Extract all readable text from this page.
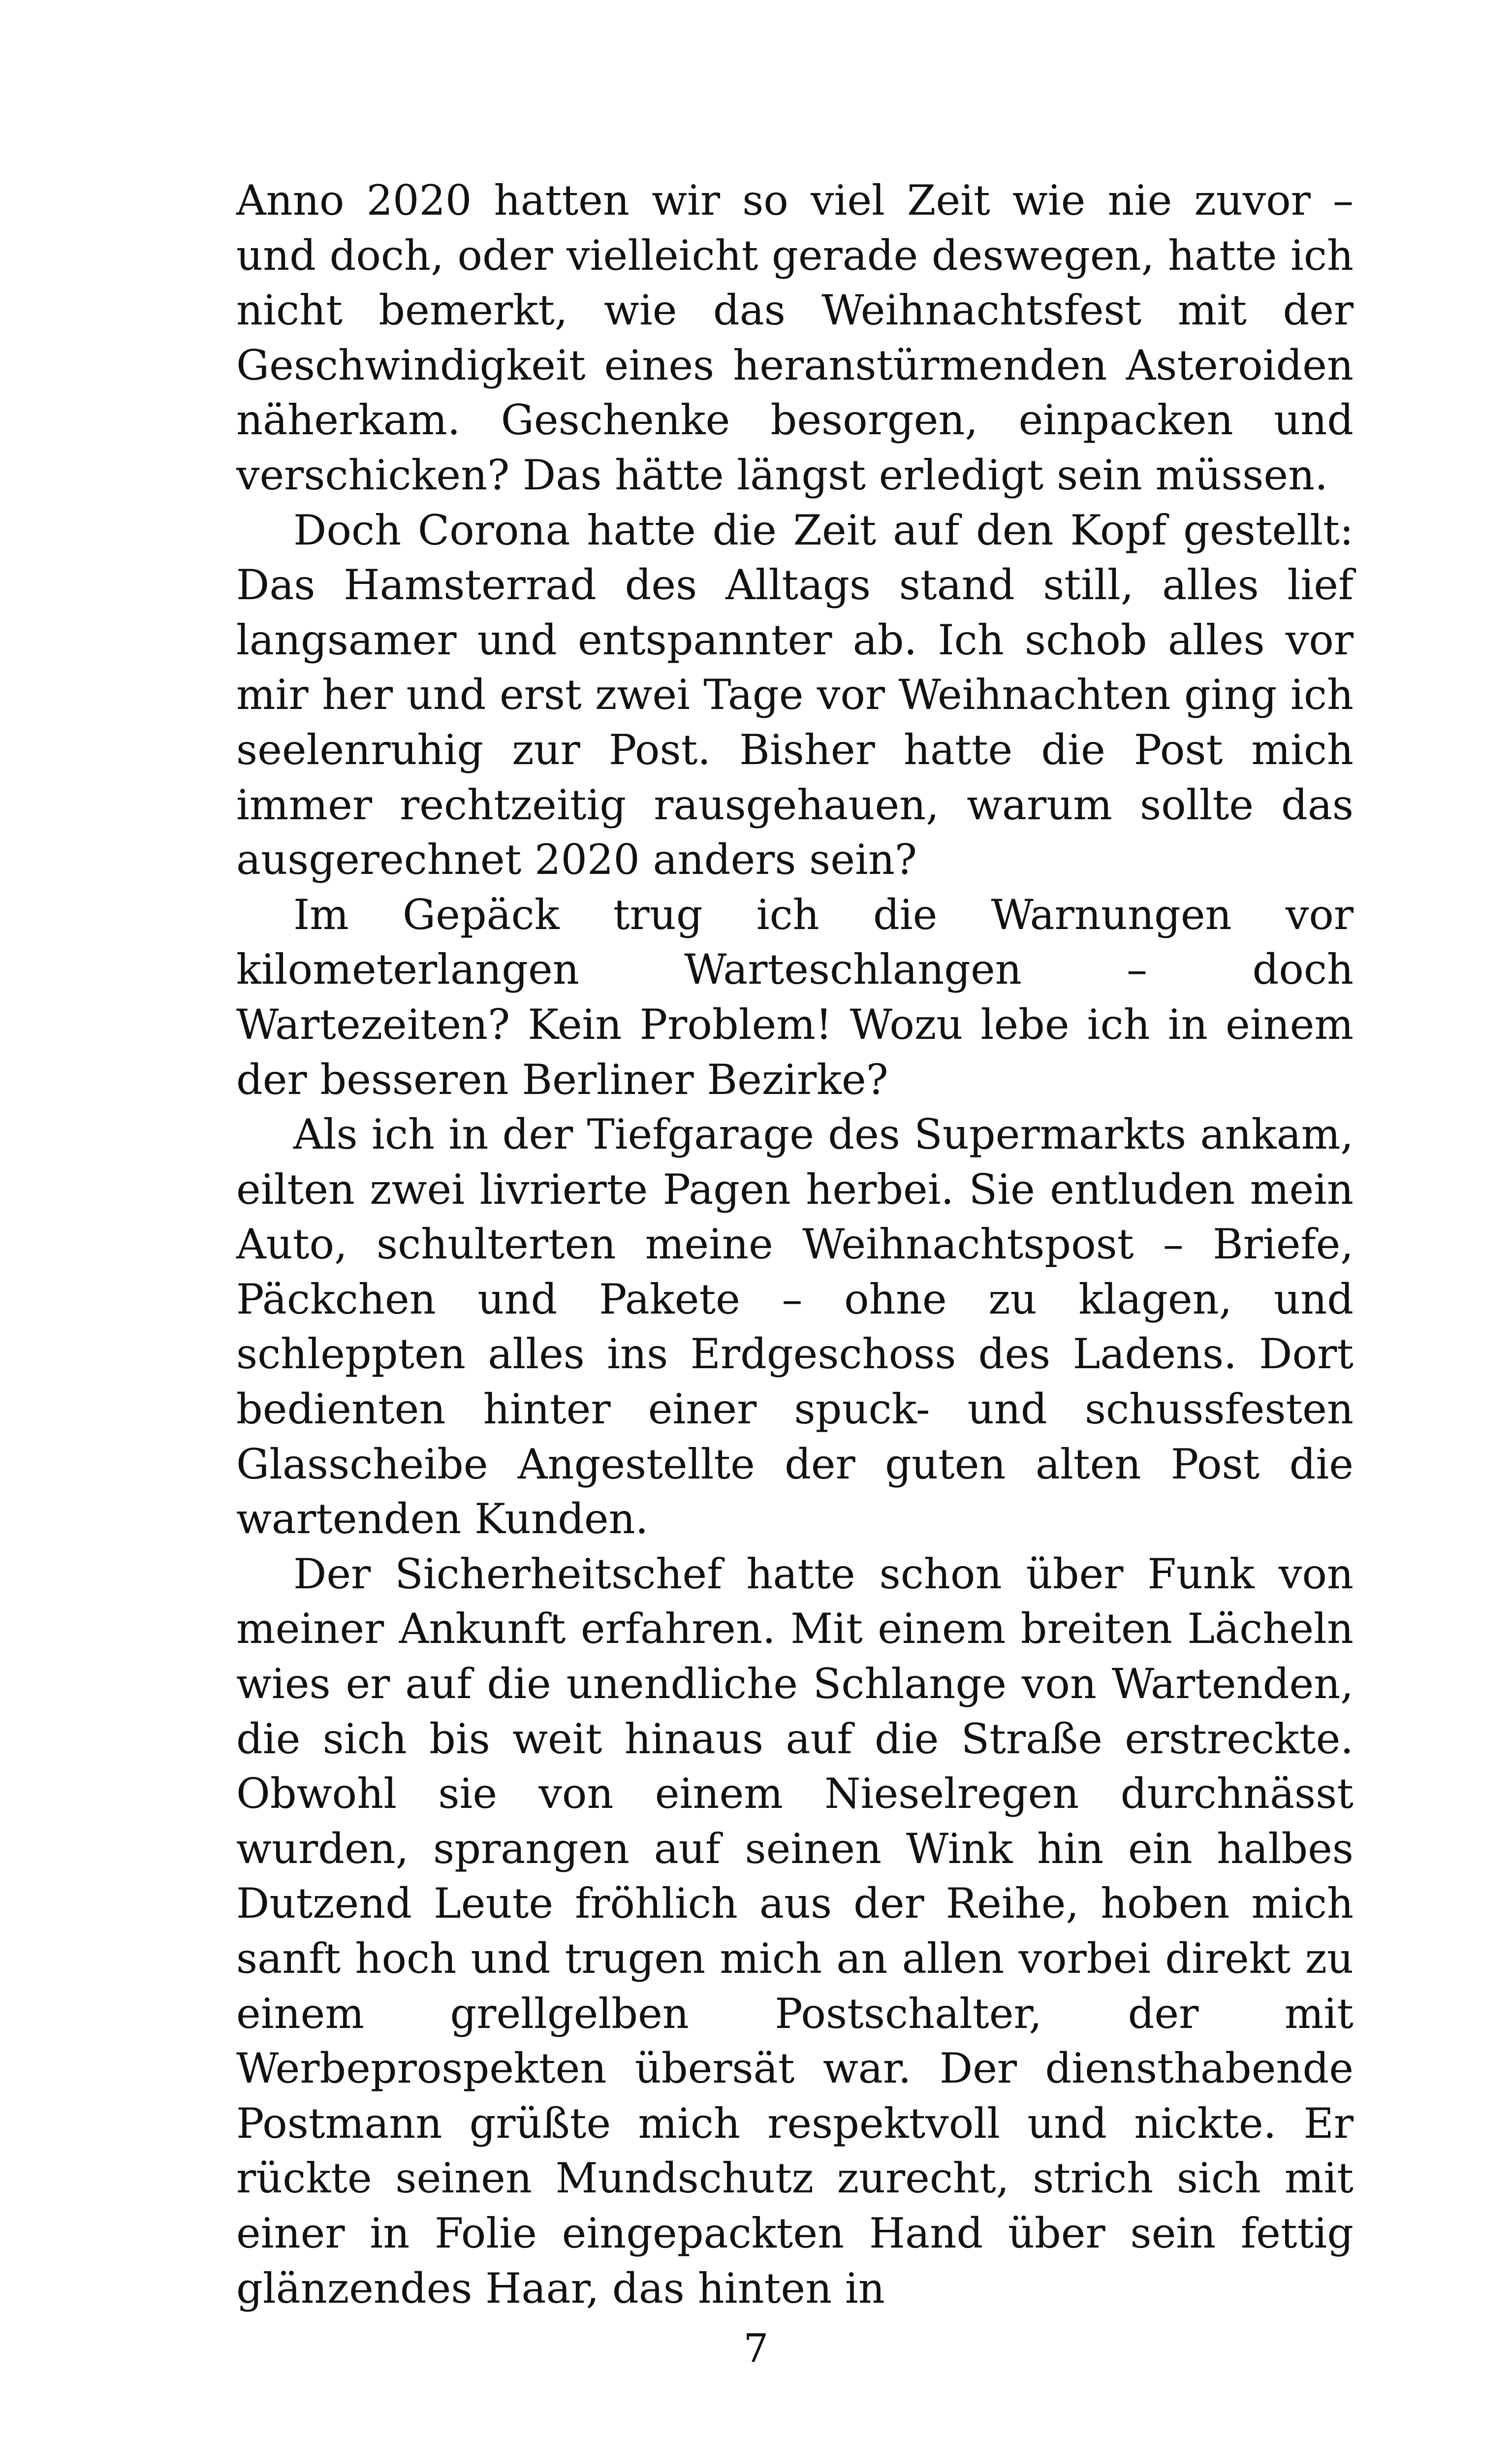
Anno 2020 hatten wir so viel Zeit wie nie zuvor – und doch, oder vielleicht gerade deswegen, hatte ich nicht bemerkt, wie das Weihnachtsfest mit der Geschwindigkeit eines heranstürmenden Asteroiden näherkam. Geschenke besorgen, einpacken und verschicken? Das hätte längst erledigt sein müssen.

Doch Corona hatte die Zeit auf den Kopf gestellt: Das Hamsterrad des Alltags stand still, alles lief langsamer und entspannter ab. Ich schob alles vor mir her und erst zwei Tage vor Weihnachten ging ich seelenruhig zur Post. Bisher hatte die Post mich immer rechtzeitig rausgehauen, warum sollte das ausgerechnet 2020 anders sein?

Im Gepäck trug ich die Warnungen vor kilometerlangen Warteschlangen – doch Wartezeiten? Kein Problem! Wozu lebe ich in einem der besseren Berliner Bezirke?

Als ich in der Tiefgarage des Supermarkts ankam, eilten zwei livrierte Pagen herbei. Sie entluden mein Auto, schulterten meine Weihnachtspost – Briefe, Päckchen und Pakete – ohne zu klagen, und schleppten alles ins Erdgeschoss des Ladens. Dort bedienten hinter einer spuck- und schussfesten Glasscheibe Angestellte der guten alten Post die wartenden Kunden.

Der Sicherheitschef hatte schon über Funk von meiner Ankunft erfahren. Mit einem breiten Lächeln wies er auf die unendliche Schlange von Wartenden, die sich bis weit hinaus auf die Straße erstreckte. Obwohl sie von einem Nieselregen durchnässt wurden, sprangen auf seinen Wink hin ein halbes Dutzend Leute fröhlich aus der Reihe, hoben mich sanft hoch und trugen mich an allen vorbei direkt zu einem grellgelben Postschalter, der mit Werbeprospekten übersät war. Der diensthabende Postmann grüßte mich respektvoll und nickte. Er rückte seinen Mundschutz zurecht, strich sich mit einer in Folie eingepackten Hand über sein fettig glänzendes Haar, das hinten in

7
